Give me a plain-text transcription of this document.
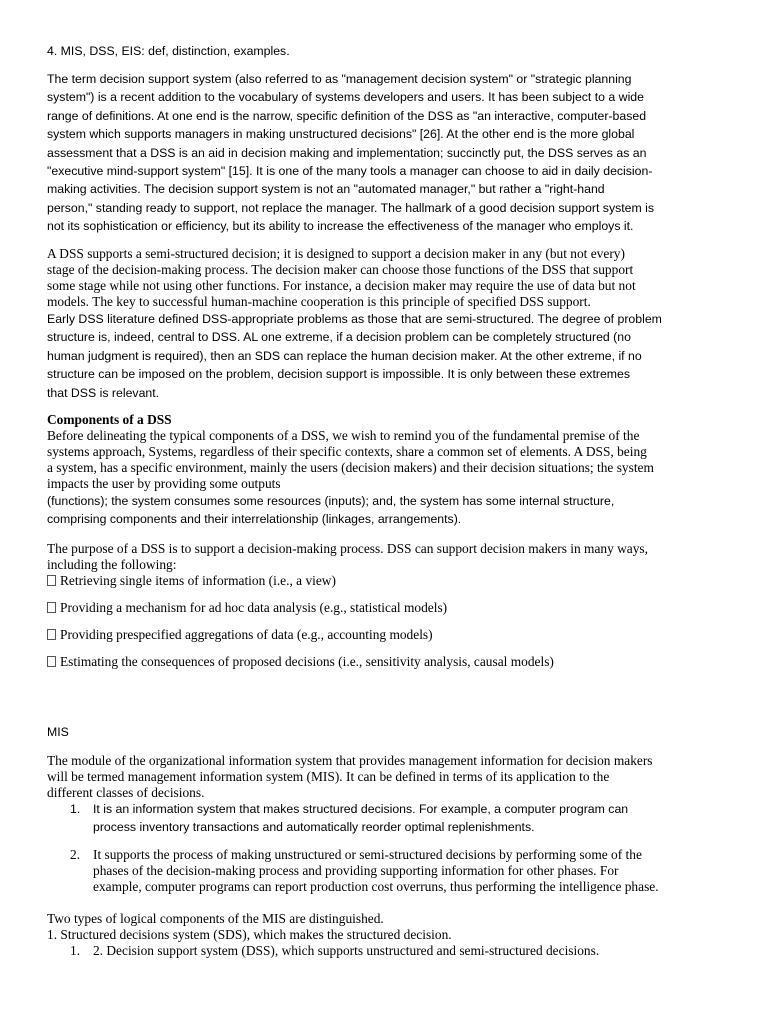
4. MIS, DSS, EIS: def, distinction, examples.

The term decision support system (also referred to as "management decision system" or "strategic planning
system") is a recent addition to the vocabulary of systems developers and users. It has been subject to a wide
range of definitions. At one end is the narrow, specific definition of the DSS as "an interactive, computer-based
system which supports managers in making unstructured decisions" [26]. At the other end is the more global
assessment that a DSS is an aid in decision making and implementation; succinctly put, the DSS serves as an
"executive mind-support system" [15]. It is one of the many tools a manager can choose to aid in daily decision-
making activities. The decision support system is not an "automated manager," but rather a "right-hand
person," standing ready to support, not replace the manager. The hallmark of a good decision support system is
not its sophistication or efficiency, but its ability to increase the effectiveness of the manager who employs it.
A DSS supports a semi-structured decision; it is designed to support a decision maker in any (but not every)
stage of the decision-making process. The decision maker can choose those functions of the DSS that support
some stage while not using other functions. For instance, a decision maker may require the use of data but not
models. The key to successful human-machine cooperation is this principle of specified DSS support.
Early DSS literature defined DSS-appropriate problems as those that are semi-structured. The degree of problem
structure is, indeed, central to DSS. AL one extreme, if a decision problem can be completely structured (no
human judgment is required), then an SDS can replace the human decision maker. At the other extreme, if no
structure can be imposed on the problem, decision support is impossible. It is only between these extremes
that DSS is relevant.
Components of a DSS
Before delineating the typical components of a DSS, we wish to remind you of the fundamental premise of the
systems approach, Systems, regardless of their specific contexts, share a common set of elements. A DSS, being
a system, has a specific environment, mainly the users (decision makers) and their decision situations; the system
impacts the user by providing some outputs
(functions); the system consumes some resources (inputs); and, the system has some internal structure,
comprising components and their interrelationship (linkages, arrangements).
The purpose of a DSS is to support a decision-making process. DSS can support decision makers in many ways,
including the following:
Retrieving single items of information (i.e., a view)
Providing a mechanism for ad hoc data analysis (e.g., statistical models)
Providing prespecified aggregations of data (e.g., accounting models)
Estimating the consequences of proposed decisions (i.e., sensitivity analysis, causal models)

MIS

The module of the organizational information system that provides management information for decision makers
will be termed management information system (MIS). It can be defined in terms of its application to the
different classes of decisions.
1. It is an information system that makes structured decisions. For example, a computer program can
process inventory transactions and automatically reorder optimal replenishments.
2. It supports the process of making unstructured or semi-structured decisions by performing some of the
phases of the decision-making process and providing supporting information for other phases. For
example, computer programs can report production cost overruns, thus performing the intelligence phase.
Two types of logical components of the MIS are distinguished.
1. Structured decisions system (SDS), which makes the structured decision.
1. 2. Decision support system (DSS), which supports unstructured and semi-structured decisions.
